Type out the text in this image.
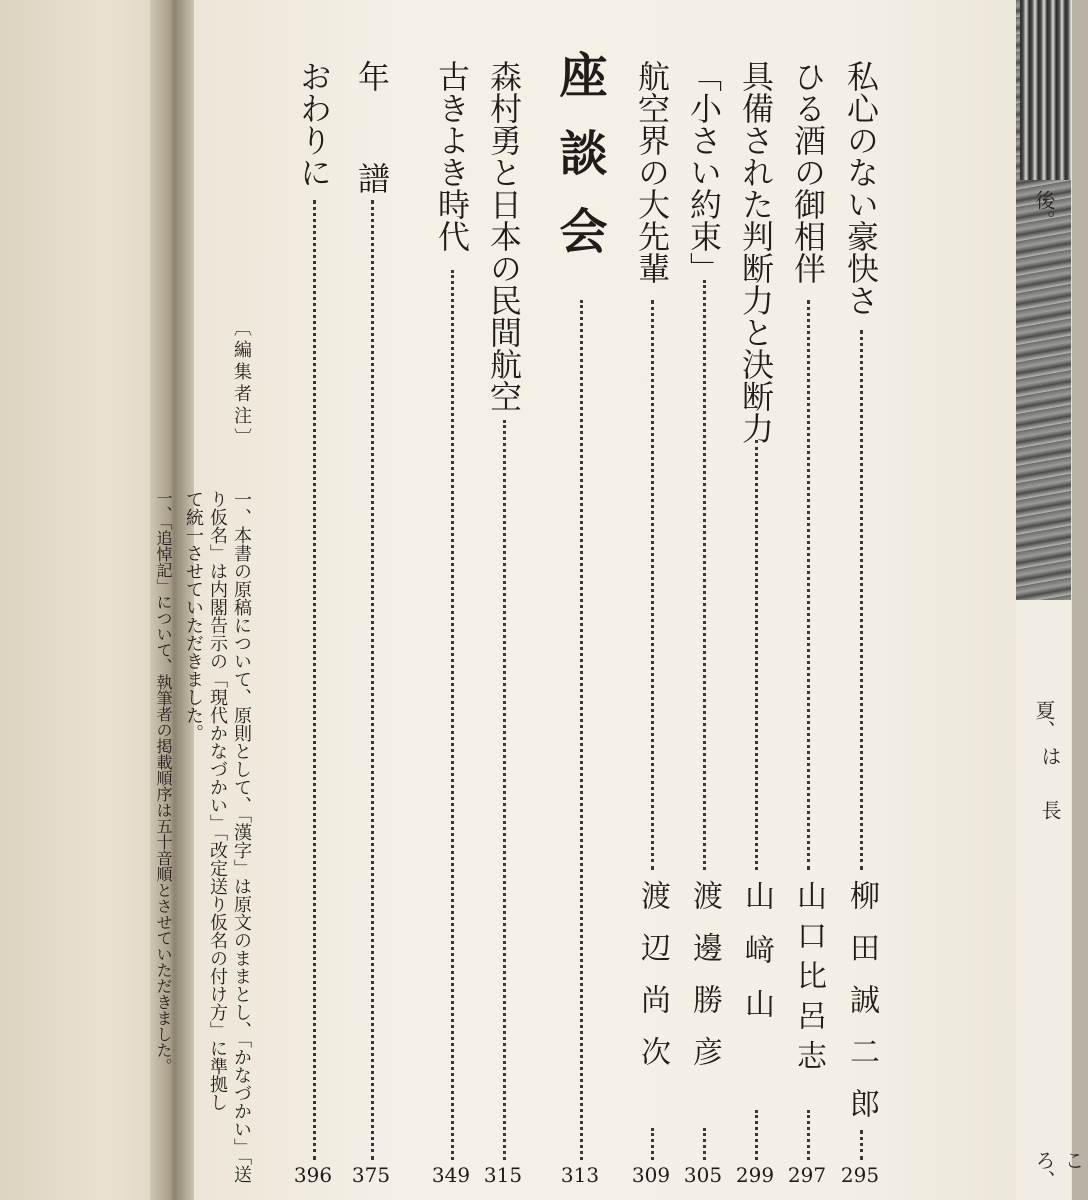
後。
夏、
は
長
ころ、
私心のない豪快さ
柳田誠二郎
295
ひる酒の御相伴
山口比呂志
297
具備された判断力と決断力
山﨑山
299
「小さい約束」
渡邊勝彦
305
航空界の大先輩
渡辺尚次
309
座談会
313
森村勇と日本の民間航空
315
古きよき時代
349
年譜
375
おわりに
396
〔編集者注〕
一、本書の原稿について、原則として、「漢字」は原文のままとし、「かなづかい」「送
り仮名」は内閣告示の「現代かなづかい」「改定送り仮名の付け方」に準拠し
て統一させていただきました。
一、「追悼記」について、執筆者の掲載順序は五十音順とさせていただきました。
